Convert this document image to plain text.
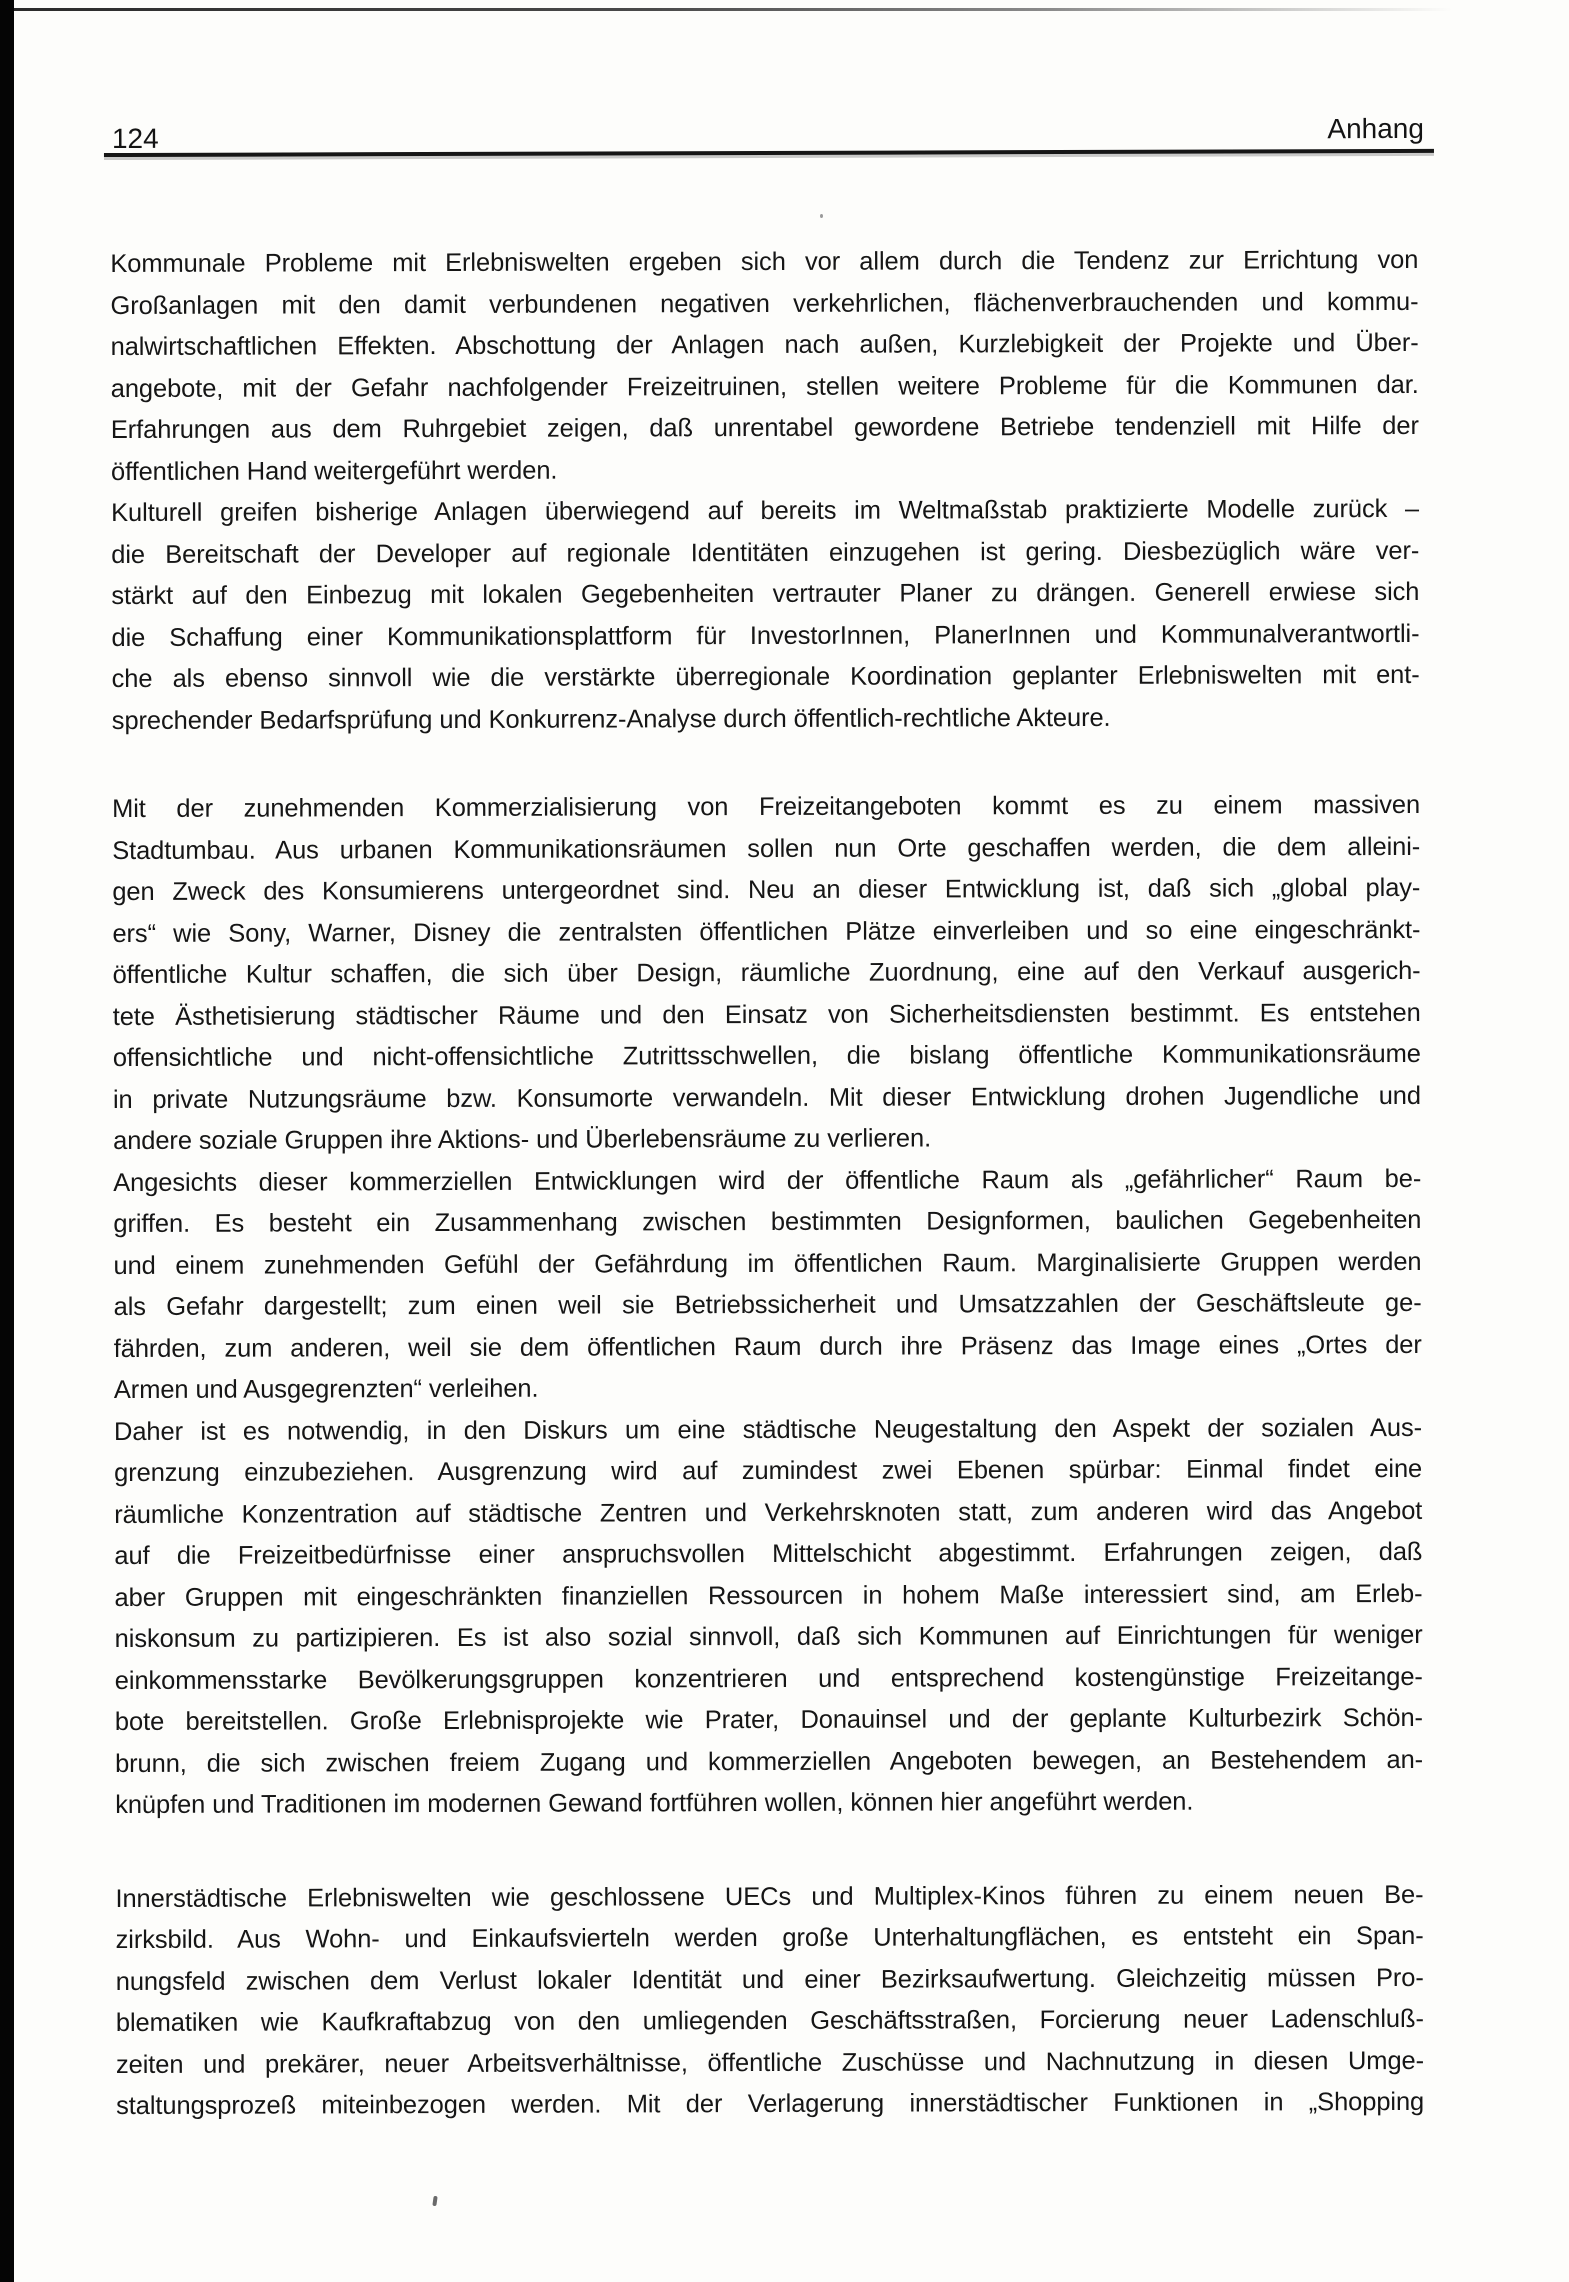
124	Anhang
Kommunale Probleme mit Erlebniswelten ergeben sich vor allem durch die Tendenz zur Errichtung von
Großanlagen mit den damit verbundenen negativen verkehrlichen, flächenverbrauchenden und kommu-
nalwirtschaftlichen Effekten. Abschottung der Anlagen nach außen, Kurzlebigkeit der Projekte und Über-
angebote, mit der Gefahr nachfolgender Freizeitruinen, stellen weitere Probleme für die Kommunen dar.
Erfahrungen aus dem Ruhrgebiet zeigen, daß unrentabel gewordene Betriebe tendenziell mit Hilfe der
öffentlichen Hand weitergeführt werden.
Kulturell greifen bisherige Anlagen überwiegend auf bereits im Weltmaßstab praktizierte Modelle zurück –
die Bereitschaft der Developer auf regionale Identitäten einzugehen ist gering. Diesbezüglich wäre ver-
stärkt auf den Einbezug mit lokalen Gegebenheiten vertrauter Planer zu drängen. Generell erwiese sich
die Schaffung einer Kommunikationsplattform für InvestorInnen, PlanerInnen und Kommunalverantwortli-
che als ebenso sinnvoll wie die verstärkte überregionale Koordination geplanter Erlebniswelten mit ent-
sprechender Bedarfsprüfung und Konkurrenz-Analyse durch öffentlich-rechtliche Akteure.
Mit der zunehmenden Kommerzialisierung von Freizeitangeboten kommt es zu einem massiven
Stadtumbau. Aus urbanen Kommunikationsräumen sollen nun Orte geschaffen werden, die dem alleini-
gen Zweck des Konsumierens untergeordnet sind. Neu an dieser Entwicklung ist, daß sich „global play-
ers“ wie Sony, Warner, Disney die zentralsten öffentlichen Plätze einverleiben und so eine eingeschränkt-
öffentliche Kultur schaffen, die sich über Design, räumliche Zuordnung, eine auf den Verkauf ausgerich-
tete Ästhetisierung städtischer Räume und den Einsatz von Sicherheitsdiensten bestimmt. Es entstehen
offensichtliche und nicht-offensichtliche Zutrittsschwellen, die bislang öffentliche Kommunikationsräume
in private Nutzungsräume bzw. Konsumorte verwandeln. Mit dieser Entwicklung drohen Jugendliche und
andere soziale Gruppen ihre Aktions- und Überlebensräume zu verlieren.
Angesichts dieser kommerziellen Entwicklungen wird der öffentliche Raum als „gefährlicher“ Raum be-
griffen. Es besteht ein Zusammenhang zwischen bestimmten Designformen, baulichen Gegebenheiten
und einem zunehmenden Gefühl der Gefährdung im öffentlichen Raum. Marginalisierte Gruppen werden
als Gefahr dargestellt; zum einen weil sie Betriebssicherheit und Umsatzzahlen der Geschäftsleute ge-
fährden, zum anderen, weil sie dem öffentlichen Raum durch ihre Präsenz das Image eines „Ortes der
Armen und Ausgegrenzten“ verleihen.
Daher ist es notwendig, in den Diskurs um eine städtische Neugestaltung den Aspekt der sozialen Aus-
grenzung einzubeziehen. Ausgrenzung wird auf zumindest zwei Ebenen spürbar: Einmal findet eine
räumliche Konzentration auf städtische Zentren und Verkehrsknoten statt, zum anderen wird das Angebot
auf die Freizeitbedürfnisse einer anspruchsvollen Mittelschicht abgestimmt. Erfahrungen zeigen, daß
aber Gruppen mit eingeschränkten finanziellen Ressourcen in hohem Maße interessiert sind, am Erleb-
niskonsum zu partizipieren. Es ist also sozial sinnvoll, daß sich Kommunen auf Einrichtungen für weniger
einkommensstarke Bevölkerungsgruppen konzentrieren und entsprechend kostengünstige Freizeitange-
bote bereitstellen. Große Erlebnisprojekte wie Prater, Donauinsel und der geplante Kulturbezirk Schön-
brunn, die sich zwischen freiem Zugang und kommerziellen Angeboten bewegen, an Bestehendem an-
knüpfen und Traditionen im modernen Gewand fortführen wollen, können hier angeführt werden.
Innerstädtische Erlebniswelten wie geschlossene UECs und Multiplex-Kinos führen zu einem neuen Be-
zirksbild. Aus Wohn- und Einkaufsvierteln werden große Unterhaltungflächen, es entsteht ein Span-
nungsfeld zwischen dem Verlust lokaler Identität und einer Bezirksaufwertung. Gleichzeitig müssen Pro-
blematiken wie Kaufkraftabzug von den umliegenden Geschäftsstraßen, Forcierung neuer Ladenschluß-
zeiten und prekärer, neuer Arbeitsverhältnisse, öffentliche Zuschüsse und Nachnutzung in diesen Umge-
staltungsprozeß miteinbezogen werden. Mit der Verlagerung innerstädtischer Funktionen in „Shopping
